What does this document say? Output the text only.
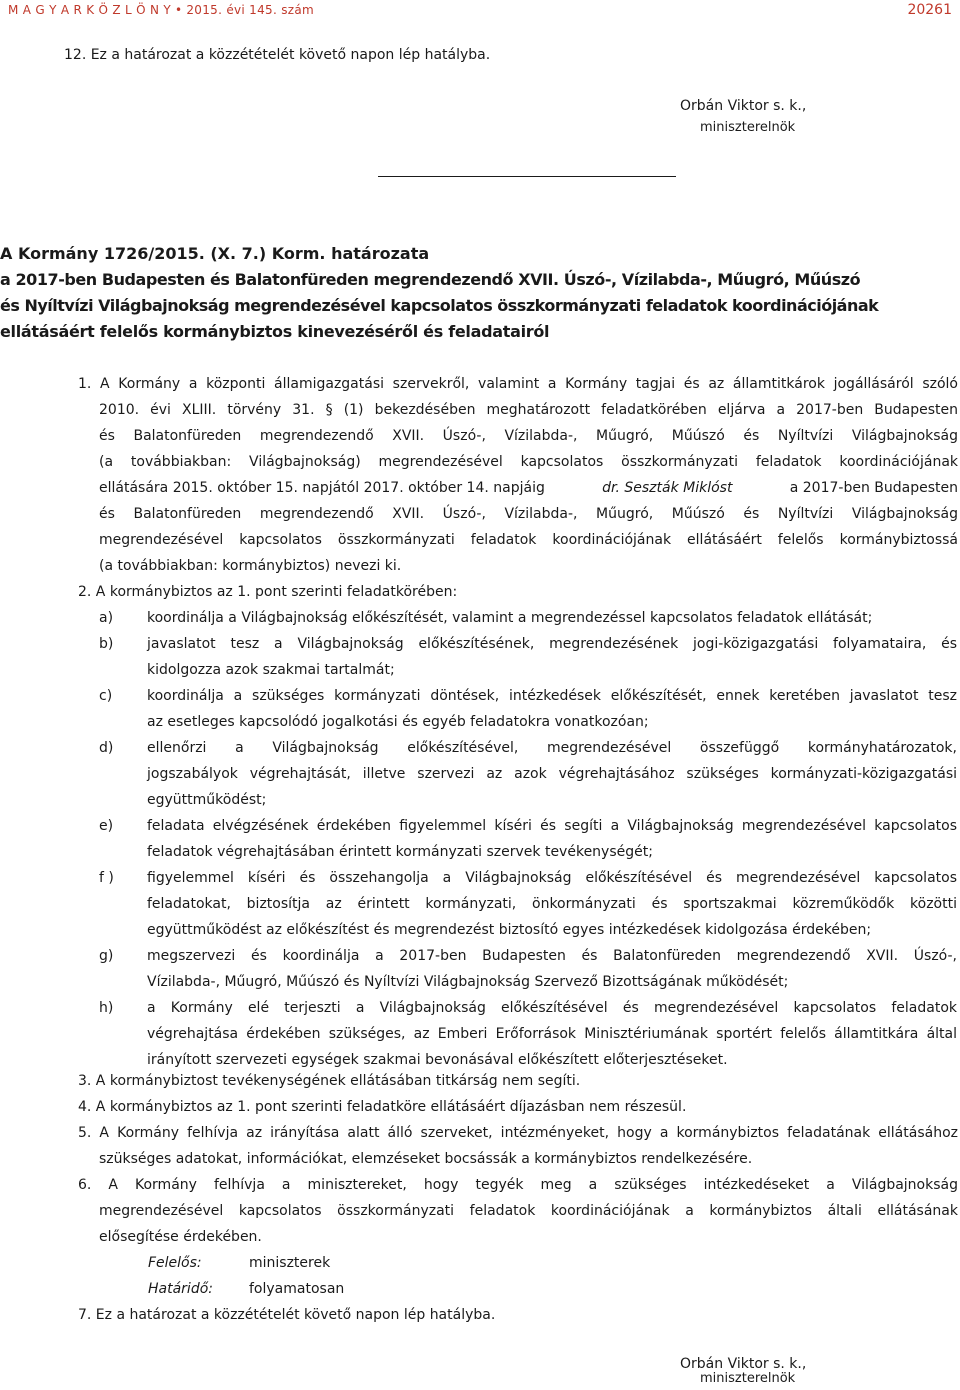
M A G Y A R K Ö Z L Ö N Y • 2015. évi 145. szám	20261
12. Ez a határozat a közzétételét követő napon lép hatályba.
Orbán Viktor s. k.,
miniszterelnök
A Kormány 1726/2015. (X. 7.) Korm. határozata
a 2017-ben Budapesten és Balatonfüreden megrendezendő XVII. Úszó-, Vízilabda-, Műugró, Műúszó
és Nyíltvízi Világbajnokság megrendezésével kapcsolatos összkormányzati feladatok koordinációjának
ellátásáért felelős kormánybiztos kinevezéséről és feladatairól
1. A Kormány a központi államigazgatási szervekről, valamint a Kormány tagjai és az államtitkárok jogállásáról szóló
2010. évi XLIII. törvény 31. § (1) bekezdésében meghatározott feladatkörében eljárva a 2017-ben Budapesten
és Balatonfüreden megrendezendő XVII. Úszó-, Vízilabda-, Műugró, Műúszó és Nyíltvízi Világbajnokság
(a továbbiakban: Világbajnokság) megrendezésével kapcsolatos összkormányzati feladatok koordinációjának
ellátására 2015. október 15. napjától 2017. október 14. napjáig	dr. Seszták Miklóst	a 2017-ben Budapesten
és Balatonfüreden megrendezendő XVII. Úszó-, Vízilabda-, Műugró, Műúszó és Nyíltvízi Világbajnokság
megrendezésével kapcsolatos összkormányzati feladatok koordinációjának ellátásáért felelős kormánybiztossá
(a továbbiakban: kormánybiztos) nevezi ki.
2. A kormánybiztos az 1. pont szerinti feladatkörében:
a) koordinálja a Világbajnokság előkészítését, valamint a megrendezéssel kapcsolatos feladatok ellátását;
b) javaslatot tesz a Világbajnokság előkészítésének, megrendezésének jogi-közigazgatási folyamataira, és
kidolgozza azok szakmai tartalmát;
c) koordinálja a szükséges kormányzati döntések, intézkedések előkészítését, ennek keretében javaslatot tesz
az esetleges kapcsolódó jogalkotási és egyéb feladatokra vonatkozóan;
d) ellenőrzi a Világbajnokság előkészítésével, megrendezésével összefüggő kormányhatározatok,
jogszabályok végrehajtását, illetve szervezi az azok végrehajtásához szükséges kormányzati-közigazgatási
együttműködést;
e) feladata elvégzésének érdekében figyelemmel kíséri és segíti a Világbajnokság megrendezésével kapcsolatos
feladatok végrehajtásában érintett kormányzati szervek tevékenységét;
f ) figyelemmel kíséri és összehangolja a Világbajnokság előkészítésével és megrendezésével kapcsolatos
feladatokat, biztosítja az érintett kormányzati, önkormányzati és sportszakmai közreműködők közötti
együttműködést az előkészítést és megrendezést biztosító egyes intézkedések kidolgozása érdekében;
g) megszervezi és koordinálja a 2017-ben Budapesten és Balatonfüreden megrendezendő XVII. Úszó-,
Vízilabda-, Műugró, Műúszó és Nyíltvízi Világbajnokság Szervező Bizottságának működését;
h) a Kormány elé terjeszti a Világbajnokság előkészítésével és megrendezésével kapcsolatos feladatok
végrehajtása érdekében szükséges, az Emberi Erőforrások Minisztériumának sportért felelős államtitkára által
irányított szervezeti egységek szakmai bevonásával előkészített előterjesztéseket.
3. A kormánybiztost tevékenységének ellátásában titkárság nem segíti.
4. A kormánybiztos az 1. pont szerinti feladatköre ellátásáért díjazásban nem részesül.
5. A Kormány felhívja az irányítása alatt álló szerveket, intézményeket, hogy a kormánybiztos feladatának ellátásához
szükséges adatokat, információkat, elemzéseket bocsássák a kormánybiztos rendelkezésére.
6. A Kormány felhívja a minisztereket, hogy tegyék meg a szükséges intézkedéseket a Világbajnokság
megrendezésével kapcsolatos összkormányzati feladatok koordinációjának a kormánybiztos általi ellátásának
elősegítése érdekében.
Felelős:	miniszterek
Határidő:	folyamatosan
7. Ez a határozat a közzétételét követő napon lép hatályba.
Orbán Viktor s. k.,
miniszterelnök
